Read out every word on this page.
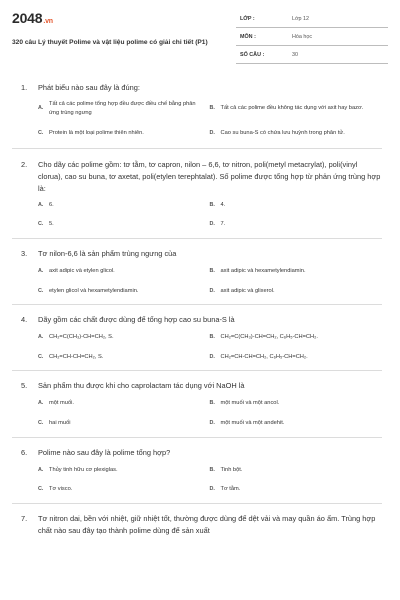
2048.vn
320 câu Lý thuyết Polime và vật liệu polime có giải chi tiết (P1)
LỚP :	Lớp 12
MÔN :	Hóa học
SỐ CÂU :	30
1.	Phát biểu nào sau đây là đúng:
A.
Tất cả các polime tổng hợp đều được điều chế bằng phản ứng trùng ngưng
B. Tất cả các polime đều không tác dụng với axit hay bazơ.
C. Protein là một loại polime thiên nhiên.	D. Cao su buna-S có chứa lưu huỳnh trong phân tử.
2.	Cho dãy các polime gồm: tơ tằm, tơ capron, nilon – 6,6, tơ nitron, poli(metyl metacrylat), poli(vinyl clorua), cao su buna, tơ axetat, poli(etylen terephtalat). Số polime được tổng hợp từ phản ứng trùng hợp là:
A. 6.	B. 4.
C. 5.	D. 7.
3.	Tơ nilon-6,6 là sản phẩm trùng ngưng của
A. axit adipic và etylen glicol.	B. axit adipic và hexametylendiamin.
C. etylen glicol và hexametylendiamin.	D. axit adipic và glixerol.
4.	Dãy gồm các chất được dùng để tổng hợp cao su buna-S là
A. CH₂=C(CH₃)-CH=CH₂, S.	B. CH₂=C(CH₃)-CH=CH₂, C₆H₅-CH=CH₂.
C. CH₂=CH-CH=CH₂, S.	D. CH₂=CH-CH=CH₂, C₆H₅-CH=CH₂.
5.	Sản phẩm thu được khi cho caprolactam tác dụng với NaOH là
A. một muối.	B. một muối và một ancol.
C. hai muối	D. một muối và một andehit.
6.	Polime nào sau đây là polime tổng hợp?
A. Thủy tinh hữu cơ plexiglas.	B. Tinh bột.
C. Tơ visco.	D. Tơ tằm.
7.	Tơ nitron dai, bền với nhiệt, giữ nhiệt tốt, thường được dùng để dệt vải và may quần áo ấm. Trùng hợp chất nào sau đây tạo thành polime dùng để sản xuất
